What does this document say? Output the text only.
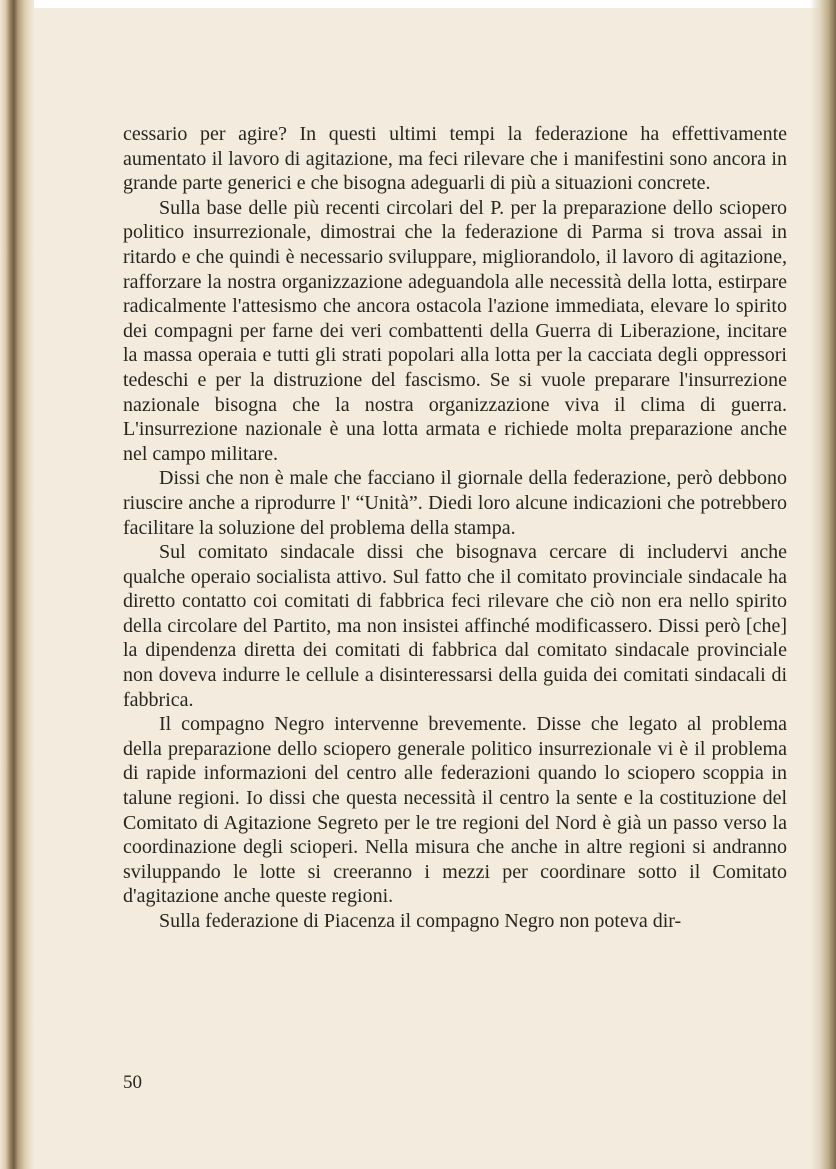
cessario per agire? In questi ultimi tempi la federazione ha effettivamente aumentato il lavoro di agitazione, ma feci rilevare che i manifestini sono ancora in grande parte generici e che bisogna adeguarli di più a situazioni concrete.

Sulla base delle più recenti circolari del P. per la preparazione dello sciopero politico insurrezionale, dimostrai che la federazione di Parma si trova assai in ritardo e che quindi è necessario svilupparе, migliorandolo, il lavoro di agitazione, rafforzare la nostra organizzazione adeguandola alle necessità della lotta, estirpare radicalmente l'attesismo che ancora ostacola l'azione immediata, elevare lo spirito dei compagni per farne dei veri combattenti della Guerra di Liberazione, incitare la massa operaia e tutti gli strati popolari alla lotta per la cacciata degli oppressori tedeschi e per la distruzione del fascismo. Se si vuole preparare l'insurrezione nazionale bisogna che la nostra organizzazione viva il clima di guerra. L'insurrezione nazionale è una lotta armata e richiede molta preparazione anche nel campo militare.

Dissi che non è male che facciano il giornale della federazione, però debbono riuscire anche a riprodurre l' “Unità”. Diedi loro alcune indicazioni che potrebbero facilitare la soluzione del problema della stampa.

Sul comitato sindacale dissi che bisognava cercare di includervi anche qualche operaio socialista attivo. Sul fatto che il comitato provinciale sindacale ha diretto contatto coi comitati di fabbrica feci rilevare che ciò non era nello spirito della circolare del Partito, ma non insistei affinché modificassero. Dissi però [che] la dipendenza diretta dei comitati di fabbrica dal comitato sindacale provinciale non doveva indurre le cellule a disinteressarsi della guida dei comitati sindacali di fabbrica.

Il compagno Negro intervenne brevemente. Disse che legato al problema della preparazione dello sciopero generale politico insurrezionale vi è il problema di rapide informazioni del centro alle federazioni quando lo sciopero scoppia in talune regioni. Io dissi che questa necessità il centro la sente e la costituzione del Comitato di Agitazione Segreto per le tre regioni del Nord è già un passo verso la coordinazione degli scioperi. Nella misura che anche in altre regioni si andranno sviluppando le lotte si creeranno i mezzi per coordinare sotto il Comitato d'agitazione anche queste regioni.

Sulla federazione di Piacenza il compagno Negro non poteva dir-

50
